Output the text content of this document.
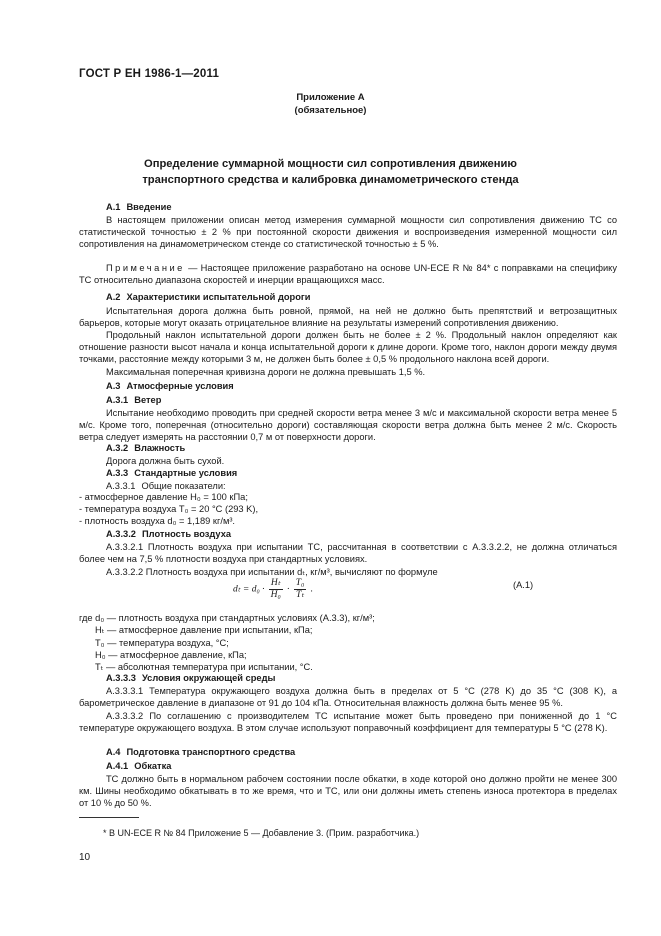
ГОСТ Р ЕН 1986-1—2011
Приложение А
(обязательное)
Определение суммарной мощности сил сопротивления движению
транспортного средства и калибровка динамометрического стенда
А.1 Введение
В настоящем приложении описан метод измерения суммарной мощности сил сопротивления движению ТС со статистической точностью ± 2 % при постоянной скорости движения и воспроизведения измеренной мощности сил сопротивления на динамометрическом стенде со статистической точностью ± 5 %.
Примечание — Настоящее приложение разработано на основе UN-ECE R № 84* с поправками на специфику ТС относительно диапазона скоростей и инерции вращающихся масс.
А.2 Характеристики испытательной дороги
Испытательная дорога должна быть ровной, прямой, на ней не должно быть препятствий и ветрозащитных барьеров, которые могут оказать отрицательное влияние на результаты измерений сопротивления движению.
Продольный наклон испытательной дороги должен быть не более ± 2 %. Продольный наклон определяют как отношение разности высот начала и конца испытательной дороги к длине дороги. Кроме того, наклон дороги между двумя точками, расстояние между которыми 3 м, не должен быть более ± 0,5 % продольного наклона всей дороги.
Максимальная поперечная кривизна дороги не должна превышать 1,5 %.
А.3 Атмосферные условия
А.3.1 Ветер
Испытание необходимо проводить при средней скорости ветра менее 3 м/с и максимальной скорости ветра менее 5 м/с. Кроме того, поперечная (относительно дороги) составляющая скорости ветра должна быть менее 2 м/с. Скорость ветра следует измерять на расстоянии 0,7 м от поверхности дороги.
А.3.2 Влажность
Дорога должна быть сухой.
А.3.3 Стандартные условия
А.3.3.1 Общие показатели:
- атмосферное давление H₀ = 100 кПа;
- температура воздуха T₀ = 20 °C (293 K),
- плотность воздуха d₀ = 1,189 кг/м³.
А.3.3.2 Плотность воздуха
А.3.3.2.1 Плотность воздуха при испытании ТС, рассчитанная в соответствии с А.3.3.2.2, не должна отличаться более чем на 7,5 % плотности воздуха при стандартных условиях.
А.3.3.2.2 Плотность воздуха при испытании dₜ, кг/м³, вычисляют по формуле
где d₀ — плотность воздуха при стандартных условиях (А.3.3), кг/м³;
Hₜ — атмосферное давление при испытании, кПа;
T₀ — температура воздуха, °C;
H₀ — атмосферное давление, кПа;
Tₜ — абсолютная температура при испытании, °C.
А.3.3.3 Условия окружающей среды
А.3.3.3.1 Температура окружающего воздуха должна быть в пределах от 5 °C (278 K) до 35 °C (308 K), а барометрическое давление в диапазоне от 91 до 104 кПа. Относительная влажность должна быть менее 95 %.
А.3.3.3.2 По соглашению с производителем ТС испытание может быть проведено при пониженной до 1 °C температуре окружающего воздуха. В этом случае используют поправочный коэффициент для температуры 5 °C (278 K).
А.4 Подготовка транспортного средства
А.4.1 Обкатка
ТС должно быть в нормальном рабочем состоянии после обкатки, в ходе которой оно должно пройти не менее 300 км. Шины необходимо обкатывать в то же время, что и ТС, или они должны иметь степень износа протектора в пределах от 10 % до 50 %.
$d_t = d_0 \cdot \frac{\text{Hₜ}}{\text{H₀}} \cdot \frac{\text{T₀}}{\text{Tₜ}}$ .	(А.1)
* В UN-ECE R № 84 Приложение 5 — Добавление 3. (Прим. разработчика.)
10
